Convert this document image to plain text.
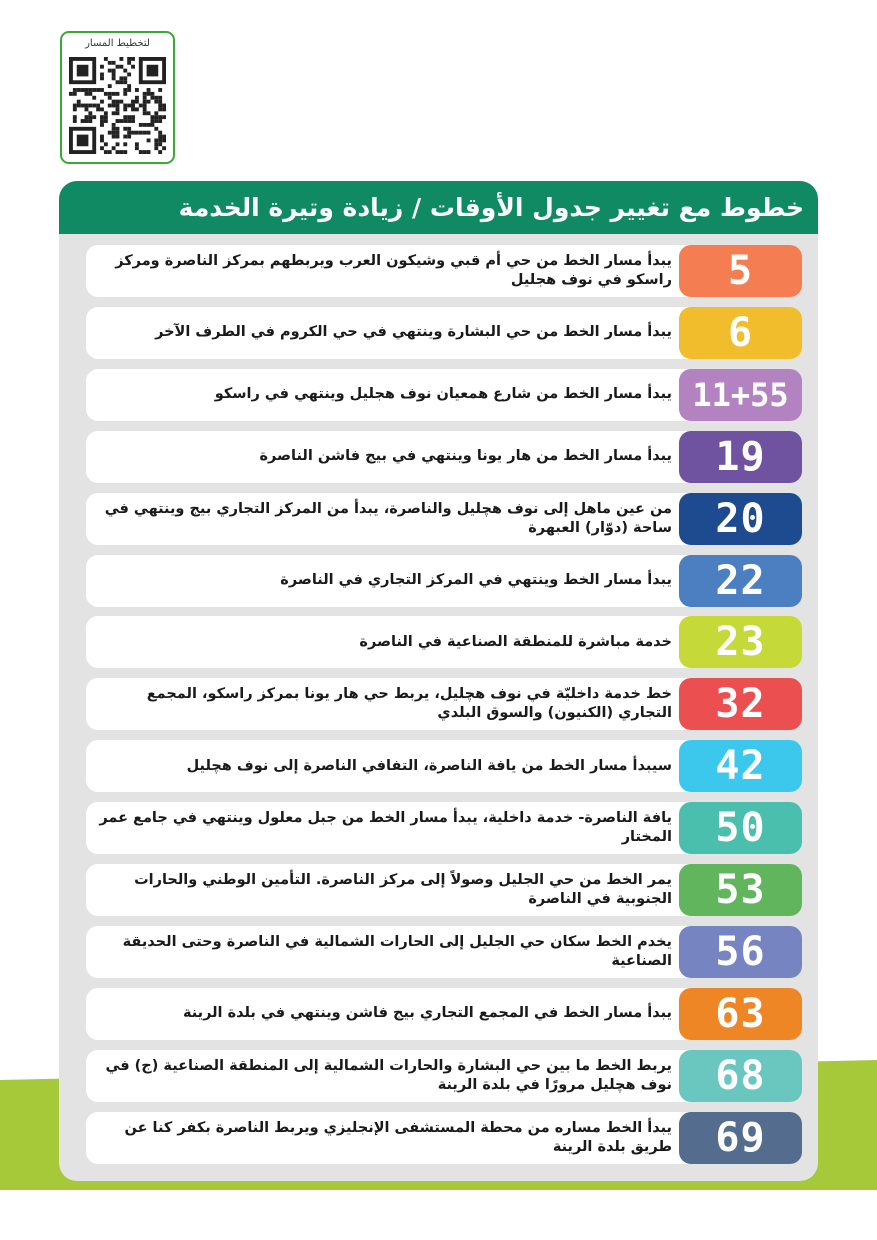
لتخطيط المسار
خطوط مع تغيير جدول الأوقات / زيادة وتيرة الخدمة
5
يبدأ مسار الخط من حي أم قبي وشيكون العرب ويربطهم بمركز الناصرة ومركز راسكو في نوف هجليل
6
يبدأ مسار الخط من حي البشارة وينتهي في حي الكروم في الطرف الآخر
11+55
يبدأ مسار الخط من شارع همعيان نوف هجليل وينتهي في راسكو
19
يبدأ مسار الخط من هار يونا وينتهي في بيج فاشن الناصرة
20
من عين ماهل إلى نوف هچليل والناصرة، يبدأ من المركز التجاري بيج وينتهي في ساحة (دوّار) العبهرة
22
يبدأ مسار الخط وينتهي في المركز التجاري في الناصرة
23
خدمة مباشرة للمنطقة الصناعية في الناصرة
32
خط خدمة داخليّة في نوف هچليل، يربط حي هار يونا بمركز راسكو، المجمع التجاري (الكنيون) والسوق البلدي
42
سيبدأ مسار الخط من يافة الناصرة، التفافي الناصرة إلى نوف هچليل
50
يافة الناصرة- خدمة داخلية، يبدأ مسار الخط من جبل معلول وينتهي في جامع عمر المختار
53
يمر الخط من حي الجليل وصولاً إلى مركز الناصرة. التأمين الوطني والحارات الجنوبية في الناصرة
56
يخدم الخط سكان حي الجليل إلى الحارات الشمالية في الناصرة وحتى الحديقة الصناعية
63
يبدأ مسار الخط في المجمع التجاري بيج فاشن وينتهي في بلدة الرينة
68
يربط الخط ما بين حي البشارة والحارات الشمالية إلى المنطقة الصناعية (ج) في نوف هچليل مرورًا في بلدة الرينة
69
يبدأ الخط مساره من محطة المستشفى الإنجليزي ويربط الناصرة بكفر كنا عن طريق بلدة الرينة
